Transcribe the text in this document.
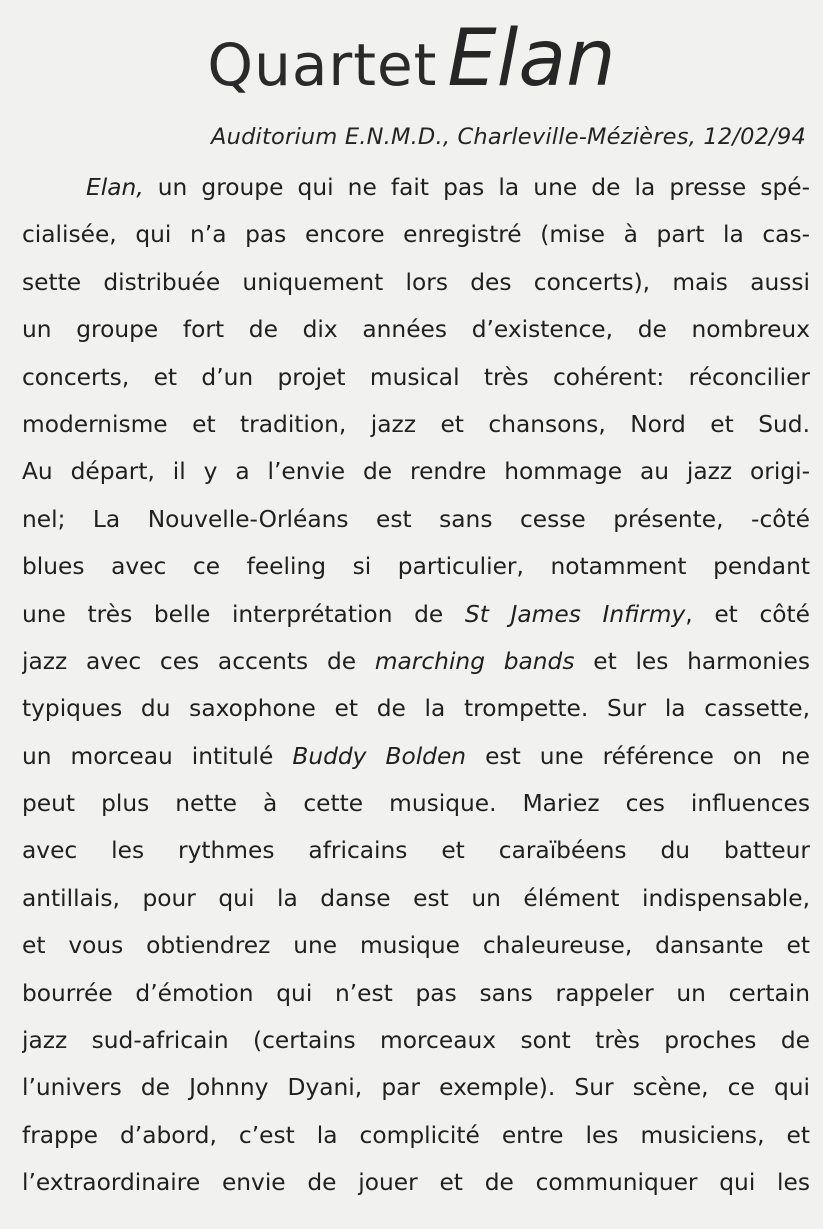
Quartet Elan
Auditorium E.N.M.D., Charleville-Mézières, 12/02/94
Elan, un groupe qui ne fait pas la une de la presse spé-
cialisée, qui n’a pas encore enregistré (mise à part la cas-
sette distribuée uniquement lors des concerts), mais aussi
un groupe fort de dix années d’existence, de nombreux
concerts, et d’un projet musical très cohérent: réconcilier
modernisme et tradition, jazz et chansons, Nord et Sud.
Au départ, il y a l’envie de rendre hommage au jazz origi-
nel; La Nouvelle-Orléans est sans cesse présente, -côté
blues avec ce feeling si particulier, notamment pendant
une très belle interprétation de St James Infirmy, et côté
jazz avec ces accents de marching bands et les harmonies
typiques du saxophone et de la trompette. Sur la cassette,
un morceau intitulé Buddy Bolden est une référence on ne
peut plus nette à cette musique. Mariez ces influences
avec les rythmes africains et caraïbéens du batteur
antillais, pour qui la danse est un élément indispensable,
et vous obtiendrez une musique chaleureuse, dansante et
bourrée d’émotion qui n’est pas sans rappeler un certain
jazz sud-africain (certains morceaux sont très proches de
l’univers de Johnny Dyani, par exemple). Sur scène, ce qui
frappe d’abord, c’est la complicité entre les musiciens, et
l’extraordinaire envie de jouer et de communiquer qui les
